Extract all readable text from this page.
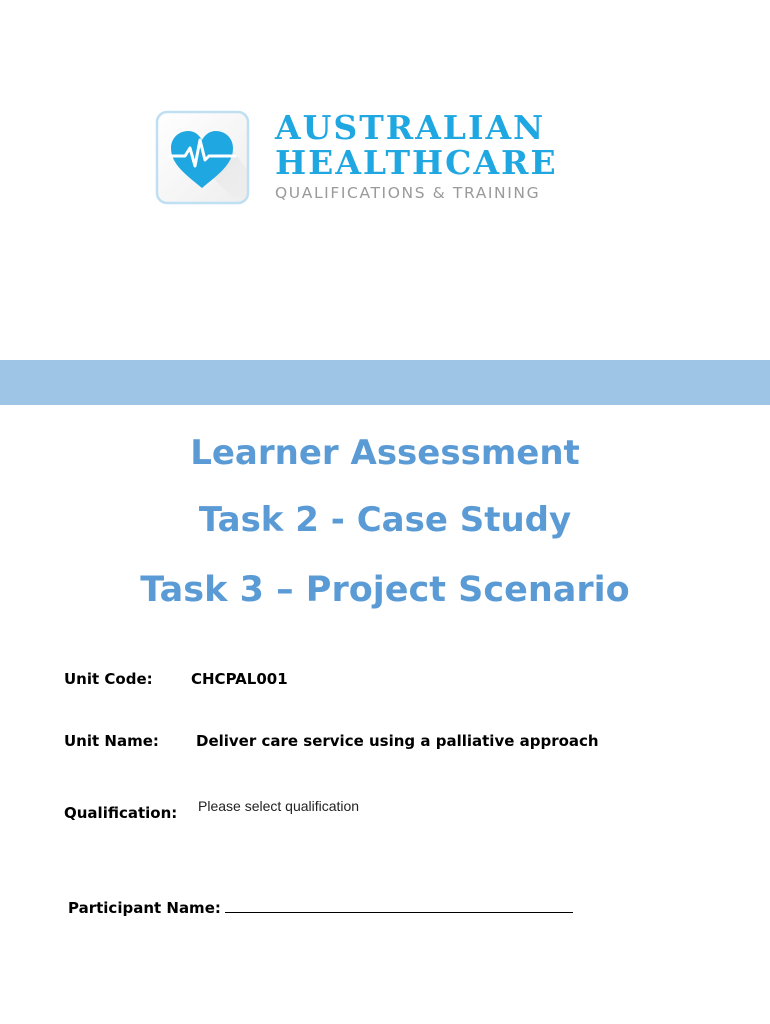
AUSTRALIAN
HEALTHCARE
QUALIFICATIONS & TRAINING
Learner Assessment
Task 2 - Case Study
Task 3 – Project Scenario
Unit Code:	CHCPAL001
Unit Name: Deliver care service using a palliative approach
Qualification: Please select qualification
Participant Name:
